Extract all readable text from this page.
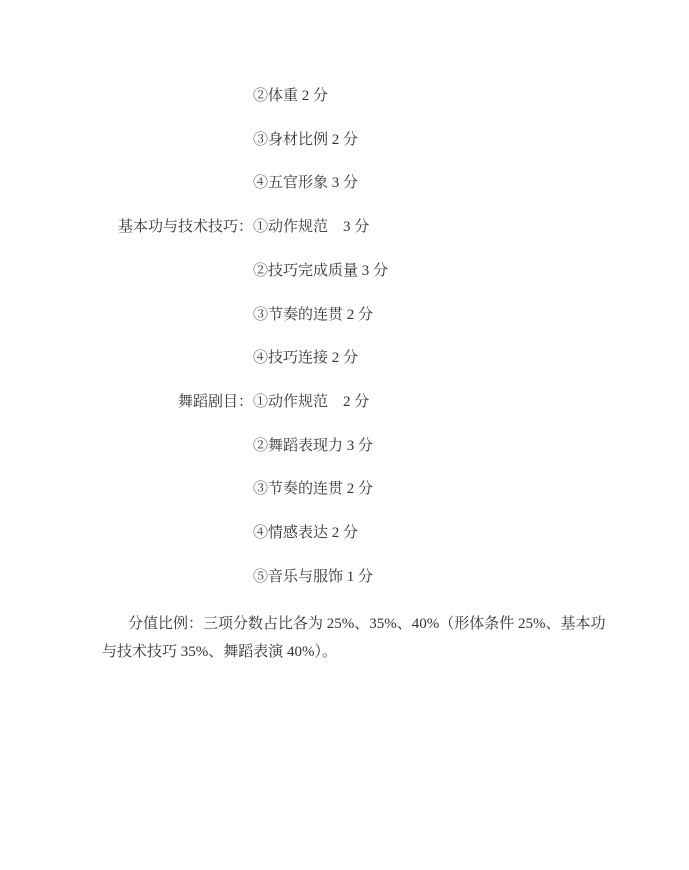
②体重 2 分
③身材比例 2 分
④五官形象 3 分
基本功与技术技巧： ①动作规范　3 分
②技巧完成质量 3 分
③节奏的连贯 2 分
④技巧连接 2 分
舞蹈剧目： ①动作规范　2 分
②舞蹈表现力 3 分
③节奏的连贯 2 分
④情感表达 2 分
⑤音乐与服饰 1 分
分值比例：三项分数占比各为 25%、35%、40%（形体条件 25%、基本功与技术技巧 35%、舞蹈表演 40%）。
